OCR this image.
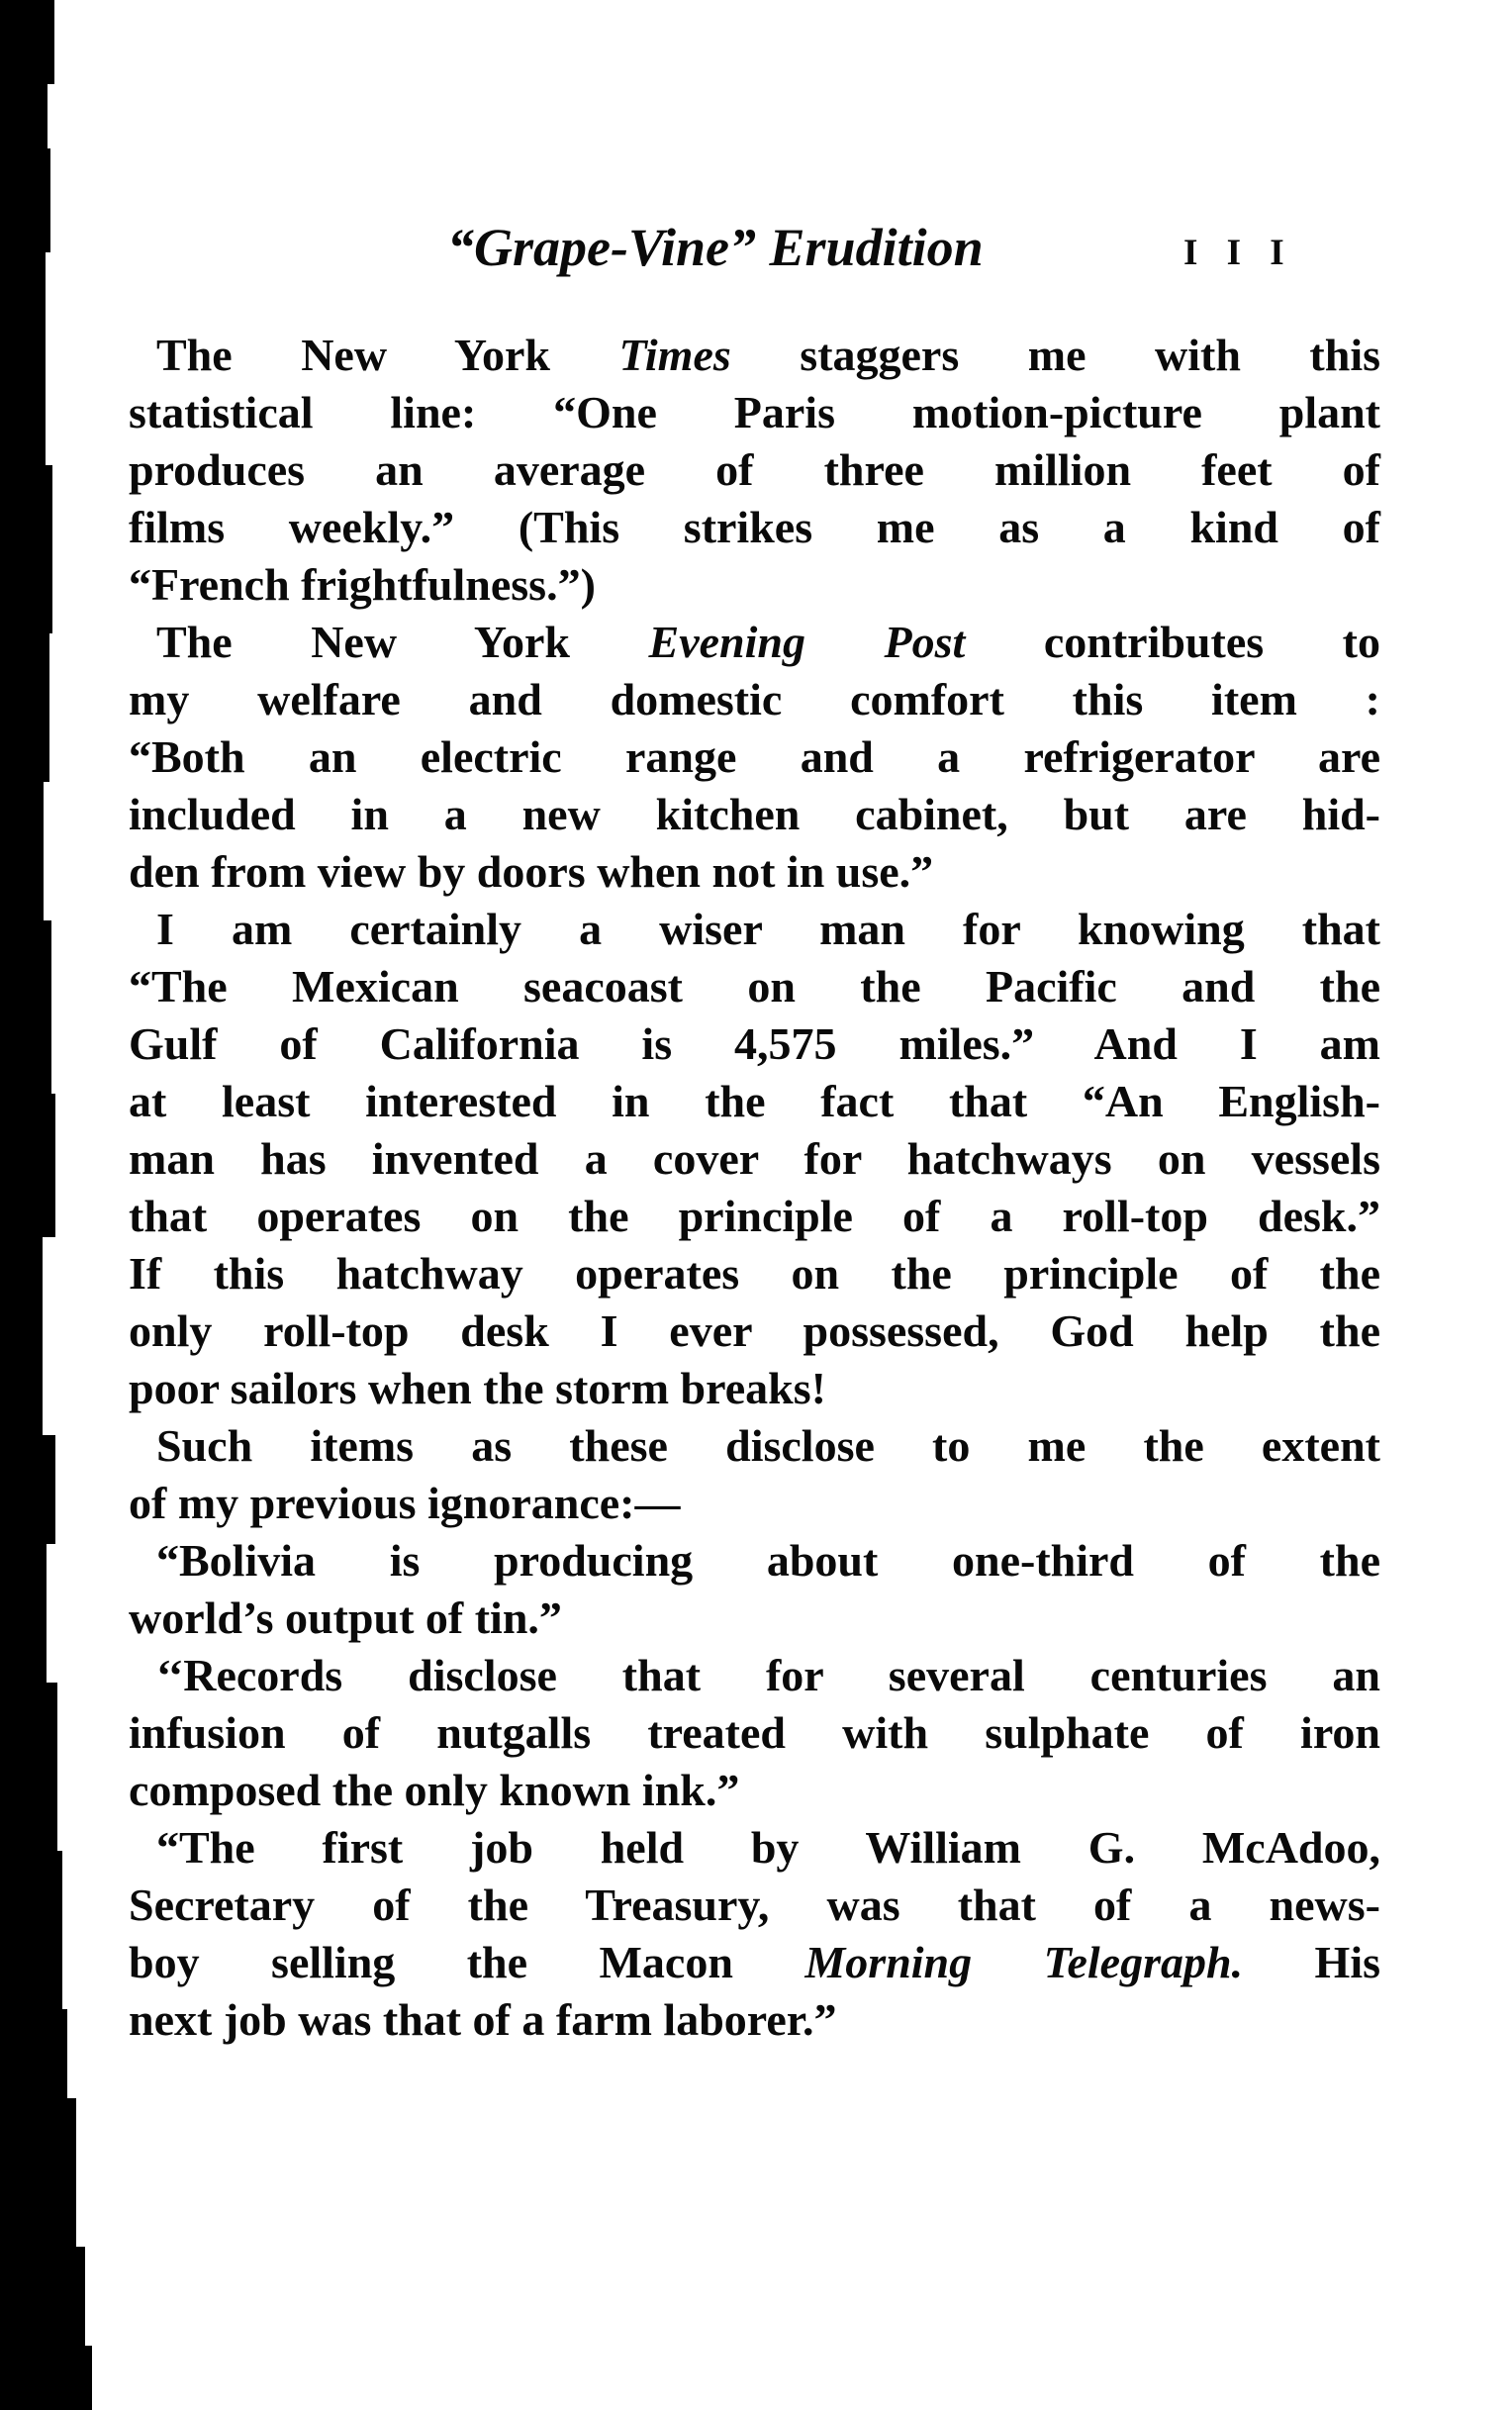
“Grape-Vine” Erudition	I I I
The New York Times staggers me with this
statistical line: “One Paris motion-picture plant
produces an average of three million feet of
films weekly.” (This strikes me as a kind of
“French frightfulness.”)
The New York Evening Post contributes to
my welfare and domestic comfort this item :
“Both an electric range and a refrigerator are
included in a new kitchen cabinet, but are hid-
den from view by doors when not in use.”
I am certainly a wiser man for knowing that
“The Mexican seacoast on the Pacific and the
Gulf of California is 4,575 miles.” And I am
at least interested in the fact that “An English-
man has invented a cover for hatchways on vessels
that operates on the principle of a roll-top desk.”
If this hatchway operates on the principle of the
only roll-top desk I ever possessed, God help the
poor sailors when the storm breaks!
Such items as these disclose to me the extent
of my previous ignorance:—
“Bolivia is producing about one-third of the
world’s output of tin.”
‘‘Records disclose that for several centuries an
infusion of nutgalls treated with sulphate of iron
composed the only known ink.”
“The first job held by William G. McAdoo,
Secretary of the Treasury, was that of a news-
boy selling the Macon Morning Telegraph. His
next job was that of a farm laborer.”
